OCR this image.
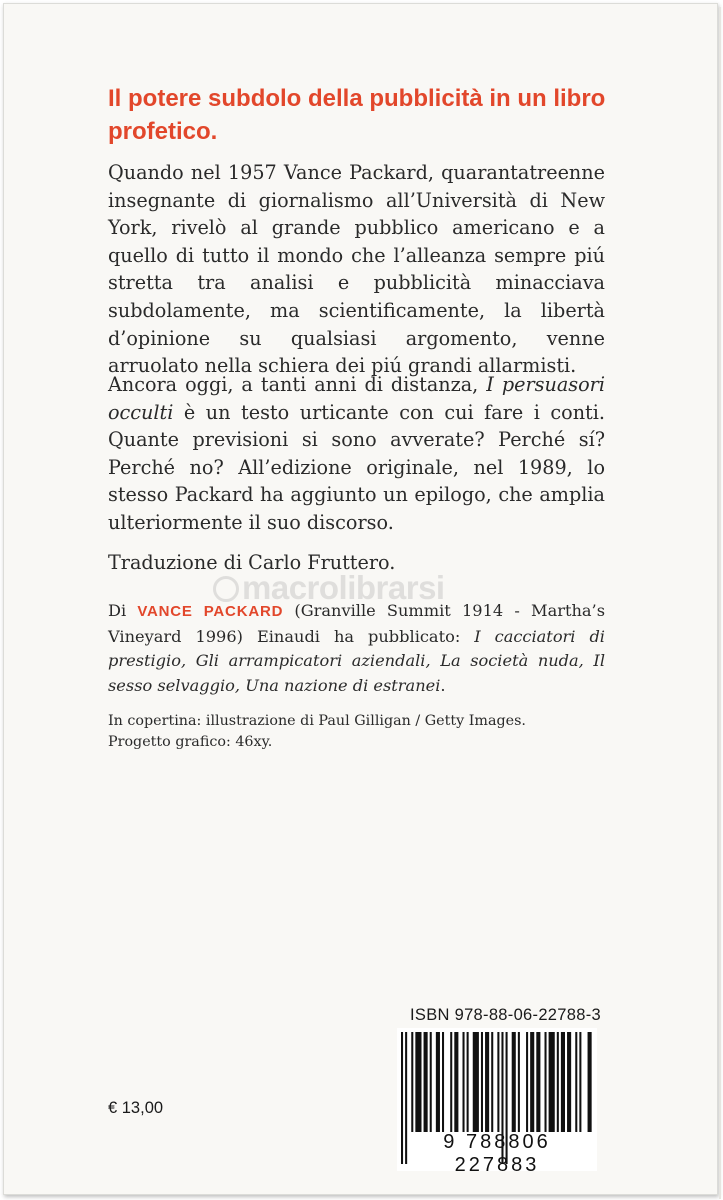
Il potere subdolo della pubblicità in un libro profetico.
Quando nel 1957 Vance Packard, quarantatreenne insegnante di giornalismo all’Università di New York, rivelò al grande pubblico americano e a quello di tutto il mondo che l’alleanza sempre piú stretta tra analisi e pubblicità minacciava subdolamente, ma scientificamente, la libertà d’opinione su qualsiasi argomento, venne arruolato nella schiera dei piú grandi allarmisti.
Ancora oggi, a tanti anni di distanza, I persuasori occulti è un testo urticante con cui fare i conti. Quante previsioni si sono avverate? Perché sí? Perché no? All’edizione originale, nel 1989, lo stesso Packard ha aggiunto un epilogo, che amplia ulteriormente il suo discorso.
Traduzione di Carlo Fruttero.
macrolibrarsi
Di VANCE PACKARD (Granville Summit 1914 - Martha’s Vineyard 1996) Einaudi ha pubblicato: I cacciatori di prestigio, Gli arrampicatori aziendali, La società nuda, Il sesso selvaggio, Una nazione di estranei.
In copertina: illustrazione di Paul Gilligan / Getty Images.
Progetto grafico: 46xy.
ISBN 978-88-06-22788-3
9 788806 227883
€ 13,00
